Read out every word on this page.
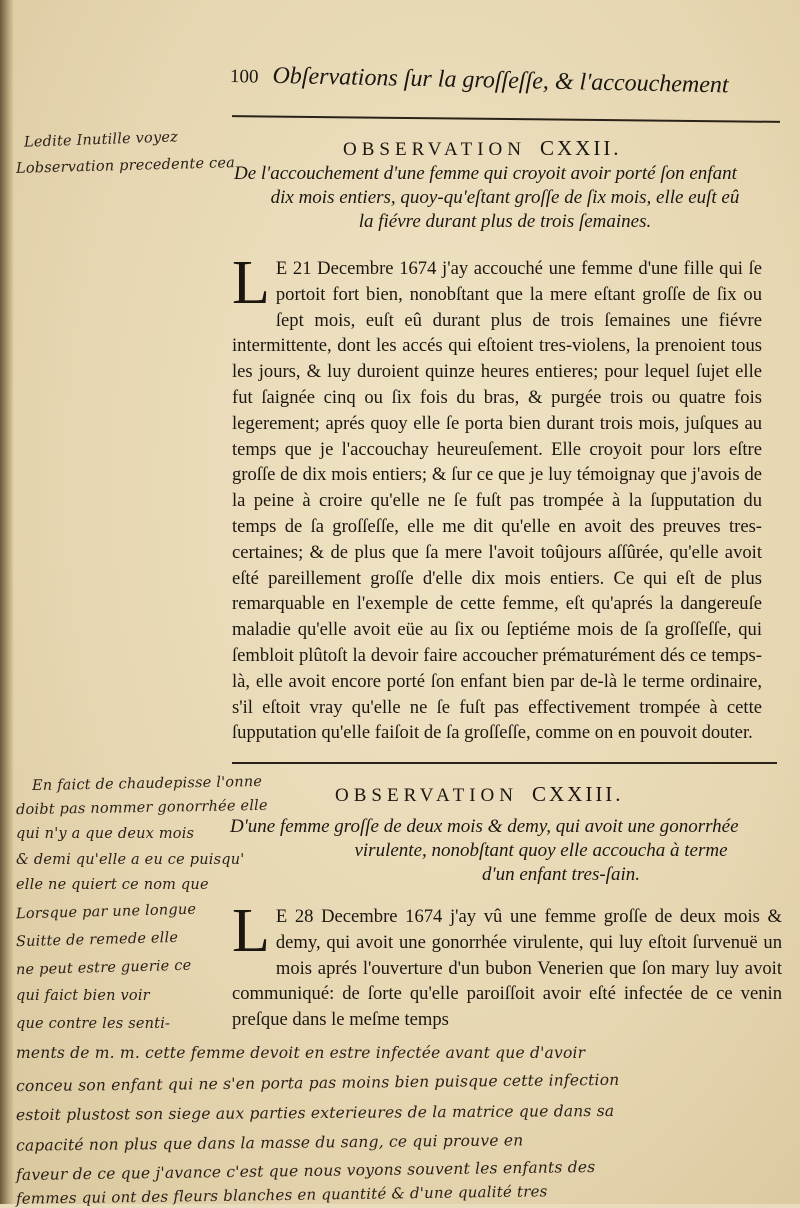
100 Obſervations ſur la groſſeſſe, & l'accouchement
OBSERVATION CXXII.
De l'accouchement d'une femme qui croyoit avoir porté ſon enfant
dix mois entiers, quoy-qu'eſtant groſſe de ſix mois, elle euſt eû
la fiévre durant plus de trois ſemaines.
L E 21 Decembre 1674 j'ay accouché une femme d'une fille qui ſe portoit fort bien, nonobſtant que la mere eſtant groſſe de ſix ou ſept mois, euſt eû durant plus de trois ſemaines une fiévre intermittente, dont les accés qui eſtoient tres-violens, la prenoient tous les jours, & luy duroient quinze heures entieres; pour lequel ſujet elle fut ſaignée cinq ou ſix fois du bras, & purgée trois ou quatre fois legerement; aprés quoy elle ſe porta bien durant trois mois, juſques au temps que je l'accouchay heureuſement. Elle croyoit pour lors eſtre groſſe de dix mois entiers; & ſur ce que je luy témoignay que j'avois de la peine à croire qu'elle ne ſe fuſt pas trompée à la ſupputation du temps de ſa groſſeſſe, elle me dit qu'elle en avoit des preuves tres-certaines; & de plus que ſa mere l'avoit toûjours aſſûrée, qu'elle avoit eſté pareillement groſſe d'elle dix mois entiers. Ce qui eſt de plus remarquable en l'exemple de cette femme, eſt qu'aprés la dangereuſe maladie qu'elle avoit eüe au ſix ou ſeptiéme mois de ſa groſſeſſe, qui ſembloit plûtoſt la devoir faire accoucher prématurément dés ce temps-là, elle avoit encore porté ſon enfant bien par de-là le terme ordinaire, s'il eſtoit vray qu'elle ne ſe fuſt pas effectivement trompée à cette ſupputation qu'elle faiſoit de ſa groſſeſſe, comme on en pouvoit douter.
OBSERVATION CXXIII.
D'une femme groſſe de deux mois & demy, qui avoit une gonorrhée
virulente, nonobſtant quoy elle accoucha à terme
d'un enfant tres-ſain.
L E 28 Decembre 1674 j'ay vû une femme groſſe de deux mois & demy, qui avoit une gonorrhée virulente, qui luy eſtoit ſurvenuë un mois aprés l'ouverture d'un bubon Venerien que ſon mary luy avoit communiqué: de ſorte qu'elle paroiſſoit avoir eſté infectée de ce venin preſque dans le meſme temps
Ledite Inutille voyez
Lobservation precedente cea
En faict de chaudepisse l'onne
doibt pas nommer gonorrhée elle
qui n'y a que deux mois
& demi qu'elle a eu ce puisqu'
elle ne quiert ce nom que
Lorsque par une longue
Suitte de remede elle
ne peut estre guerie ce
qui faict bien voir
que contre les senti-
ments de m. m. cette femme devoit en estre infectée avant que d'avoir
conceu son enfant qui ne s'en porta pas moins bien puisque cette infection
estoit plustost son siege aux parties exterieures de la matrice que dans sa
capacité non plus que dans la masse du sang, ce qui prouve en
faveur de ce que j'avance c'est que nous voyons souvent les enfants des
femmes qui ont des fleurs blanches en quantité & d'une qualité tres
